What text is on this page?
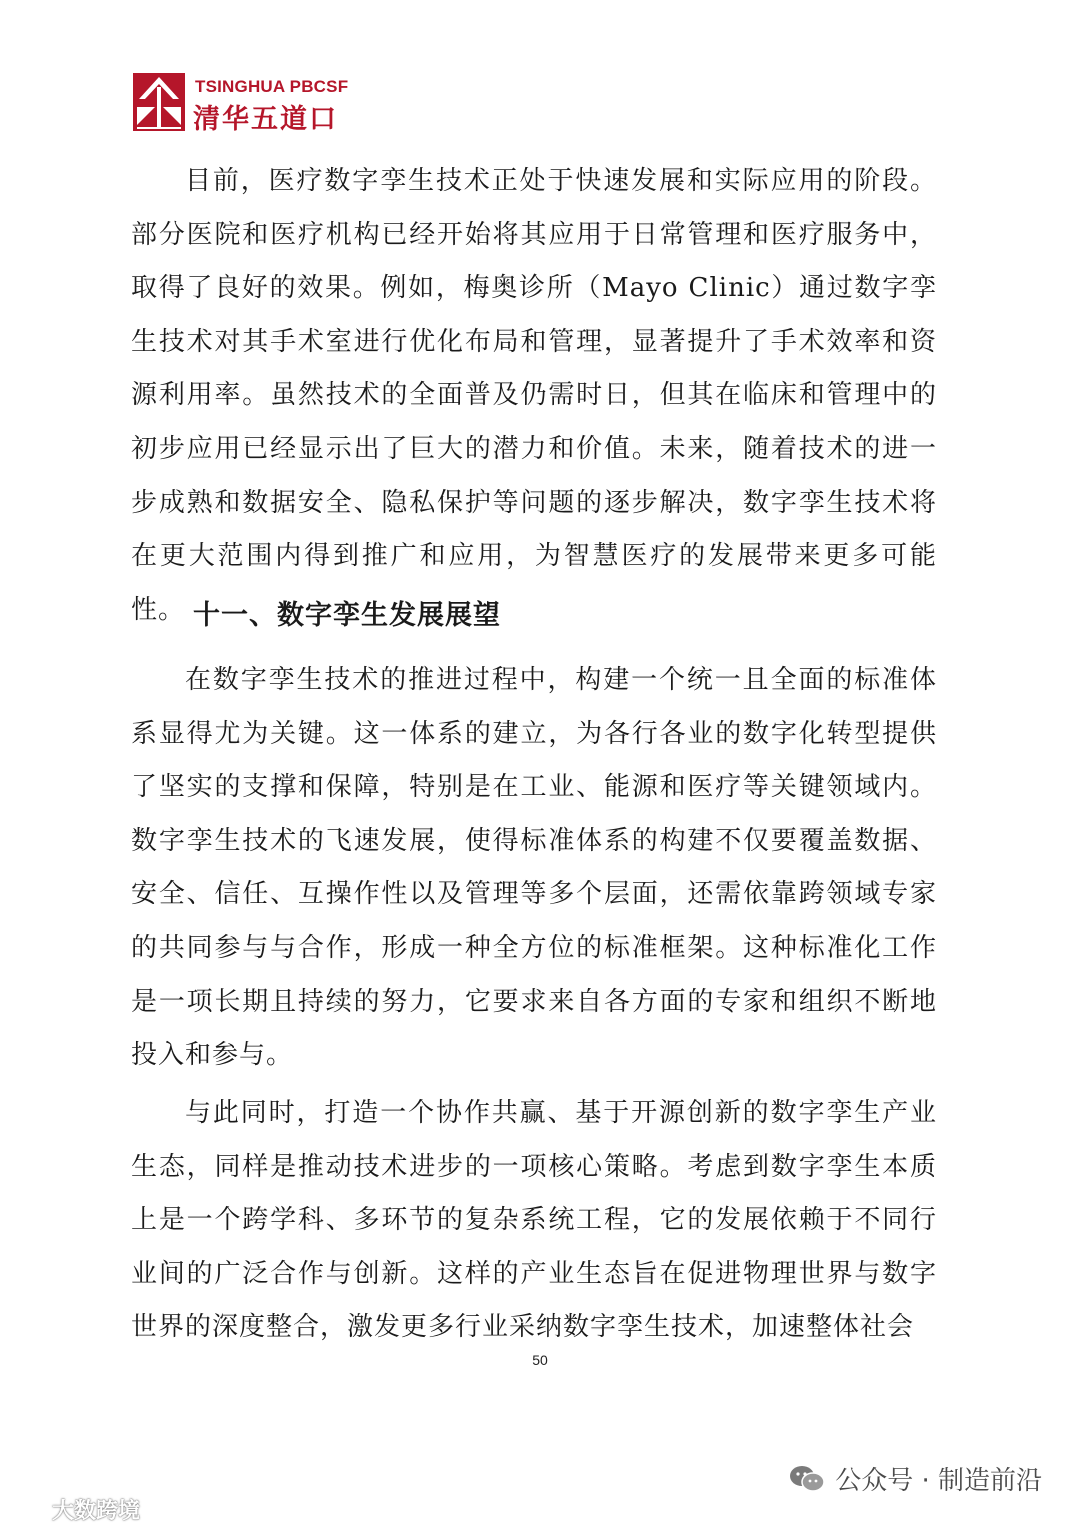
TSINGHUA PBCSF
清华五道口

目前，医疗数字孪生技术正处于快速发展和实际应用的阶段。部分医院和医疗机构已经开始将其应用于日常管理和医疗服务中，取得了良好的效果。例如，梅奥诊所（Mayo Clinic）通过数字孪生技术对其手术室进行优化布局和管理，显著提升了手术效率和资源利用率。虽然技术的全面普及仍需时日，但其在临床和管理中的初步应用已经显示出了巨大的潜力和价值。未来，随着技术的进一步成熟和数据安全、隐私保护等问题的逐步解决，数字孪生技术将在更大范围内得到推广和应用，为智慧医疗的发展带来更多可能性。 十一、数字孪生发展展望

在数字孪生技术的推进过程中，构建一个统一且全面的标准体系显得尤为关键。这一体系的建立，为各行各业的数字化转型提供了坚实的支撑和保障，特别是在工业、能源和医疗等关键领域内。数字孪生技术的飞速发展，使得标准体系的构建不仅要覆盖数据、安全、信任、互操作性以及管理等多个层面，还需依靠跨领域专家的共同参与与合作，形成一种全方位的标准框架。这种标准化工作是一项长期且持续的努力，它要求来自各方面的专家和组织不断地投入和参与。

与此同时，打造一个协作共赢、基于开源创新的数字孪生产业生态，同样是推动技术进步的一项核心策略。考虑到数字孪生本质上是一个跨学科、多环节的复杂系统工程，它的发展依赖于不同行业间的广泛合作与创新。这样的产业生态旨在促进物理世界与数字世界的深度整合，激发更多行业采纳数字孪生技术，加速整体社会

50
公众号 · 制造前沿
大数跨境
